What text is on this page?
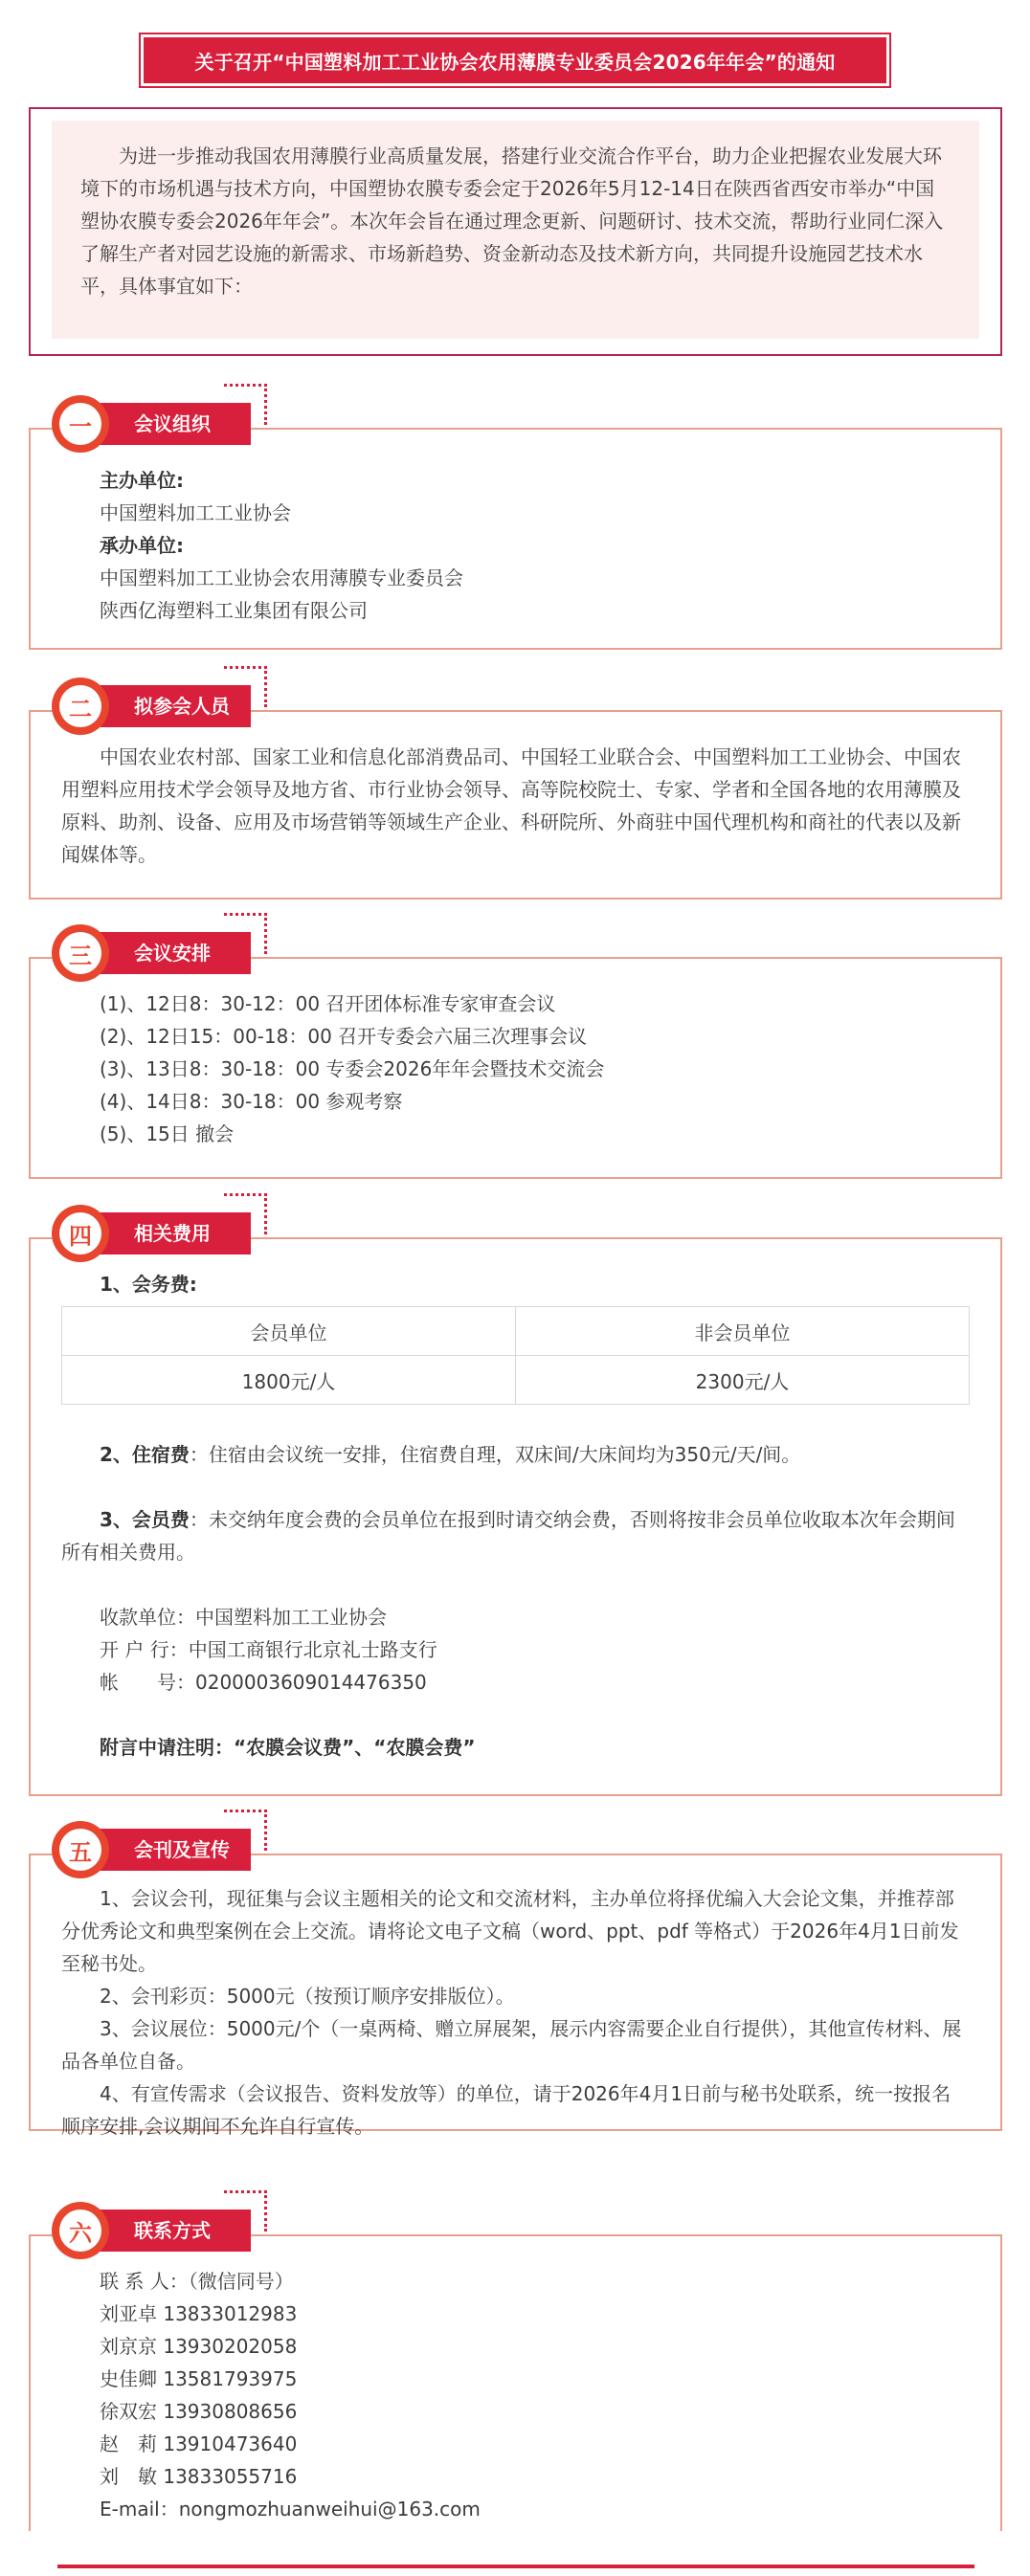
关于召开“中国塑料加工工业协会农用薄膜专业委员会2026年年会”的通知

为进一步推动我国农用薄膜行业高质量发展，搭建行业交流合作平台，助力企业把握农业发展大环境下的市场机遇与技术方向，中国塑协农膜专委会定于2026年5月12-14日在陕西省西安市举办“中国塑协农膜专委会2026年年会”。本次年会旨在通过理念更新、问题研讨、技术交流，帮助行业同仁深入了解生产者对园艺设施的新需求、市场新趋势、资金新动态及技术新方向，共同提升设施园艺技术水平，具体事宜如下：

会议组织
一

主办单位:

中国塑料加工工业协会

承办单位:

中国塑料加工工业协会农用薄膜专业委员会

陕西亿海塑料工业集团有限公司

拟参会人员
二

中国农业农村部、国家工业和信息化部消费品司、中国轻工业联合会、中国塑料加工工业协会、中国农用塑料应用技术学会领导及地方省、市行业协会领导、高等院校院士、专家、学者和全国各地的农用薄膜及原料、助剂、设备、应用及市场营销等领域生产企业、科研院所、外商驻中国代理机构和商社的代表以及新闻媒体等。

会议安排
三

(1)、12日8：30-12：00 召开团体标准专家审查会议

(2)、12日15：00-18：00 召开专委会六届三次理事会议

(3)、13日8：30-18：00 专委会2026年年会暨技术交流会

(4)、14日8：30-18：00 参观考察

(5)、15日 撤会

相关费用
四

1、会务费:

会员单位	非会员单位
1800元/人	2300元/人

2、住宿费：住宿由会议统一安排，住宿费自理，双床间/大床间均为350元/天/间。

3、会员费：未交纳年度会费的会员单位在报到时请交纳会费，否则将按非会员单位收取本次年会期间所有相关费用。

收款单位：中国塑料加工工业协会

开 户 行：中国工商银行北京礼士路支行

帐　　号：0200003609014476350

附言中请注明：“农膜会议费”、“农膜会费”

会刊及宣传
五

1、会议会刊，现征集与会议主题相关的论文和交流材料，主办单位将择优编入大会论文集，并推荐部分优秀论文和典型案例在会上交流。请将论文电子文稿（word、ppt、pdf 等格式）于2026年4月1日前发至秘书处。

2、会刊彩页：5000元（按预订顺序安排版位）。

3、会议展位：5000元/个（一桌两椅、赠立屏展架，展示内容需要企业自行提供），其他宣传材料、展品各单位自备。

4、有宣传需求（会议报告、资料发放等）的单位，请于2026年4月1日前与秘书处联系，统一按报名顺序安排,会议期间不允许自行宣传。

联系方式
六

联 系 人：（微信同号）

刘亚卓 13833012983

刘京京 13930202058

史佳卿 13581793975

徐双宏 13930808656

赵　莉 13910473640

刘　敏 13833055716

E-mail：nongmozhuanweihui@163.com
